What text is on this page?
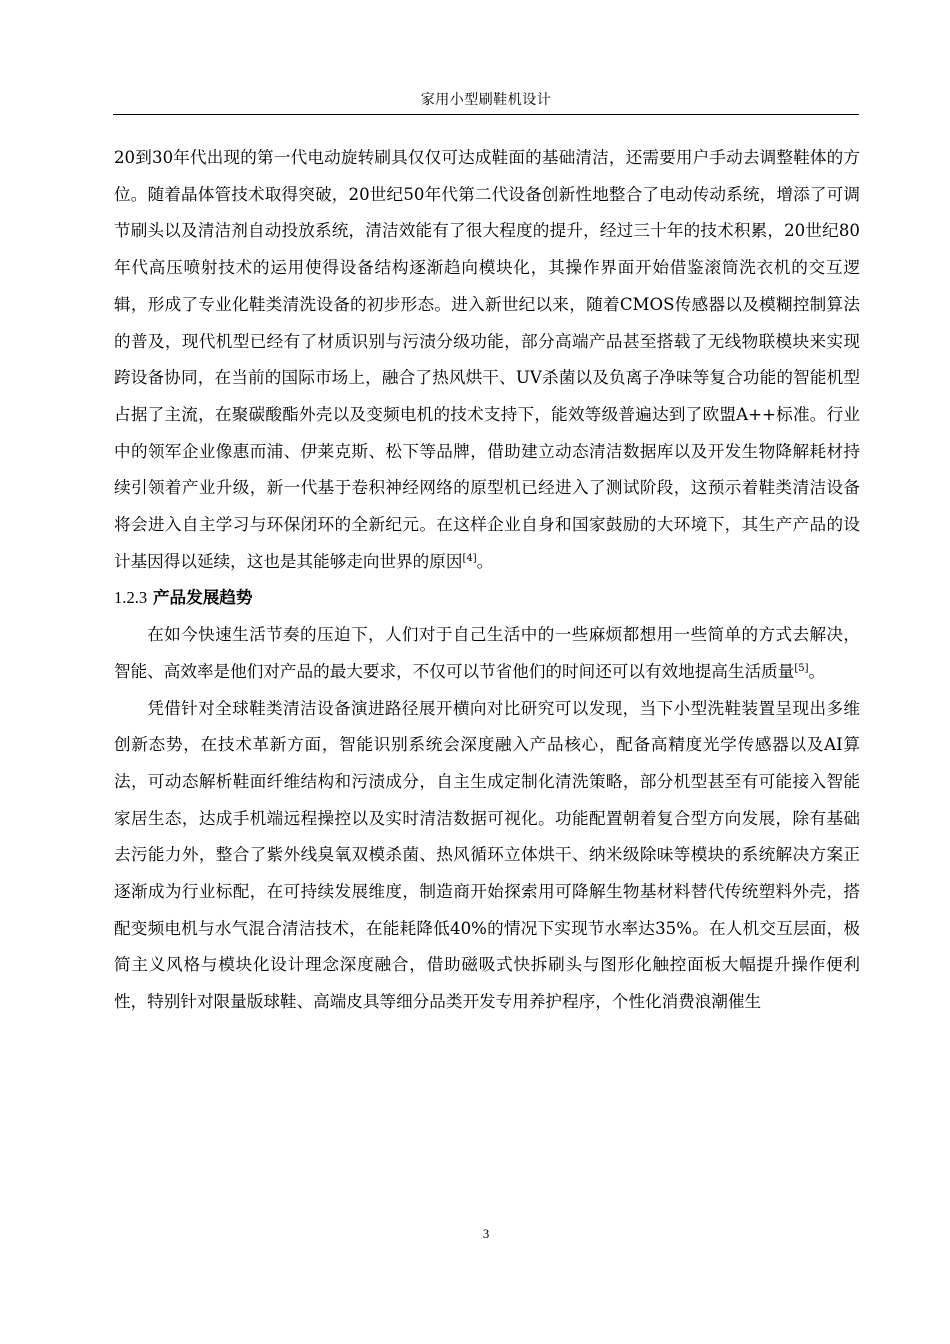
家用小型刷鞋机设计

20到30年代出现的第一代电动旋转刷具仅仅可达成鞋面的基础清洁，还需要用户手动去调整鞋体的方位。随着晶体管技术取得突破，20世纪50年代第二代设备创新性地整合了电动传动系统，增添了可调节刷头以及清洁剂自动投放系统，清洁效能有了很大程度的提升，经过三十年的技术积累，20世纪80年代高压喷射技术的运用使得设备结构逐渐趋向模块化，其操作界面开始借鉴滚筒洗衣机的交互逻辑，形成了专业化鞋类清洗设备的初步形态。进入新世纪以来，随着CMOS传感器以及模糊控制算法的普及，现代机型已经有了材质识别与污渍分级功能，部分高端产品甚至搭载了无线物联模块来实现跨设备协同，在当前的国际市场上，融合了热风烘干、UV杀菌以及负离子净味等复合功能的智能机型占据了主流，在聚碳酸酯外壳以及变频电机的技术支持下，能效等级普遍达到了欧盟A++标准。行业中的领军企业像惠而浦、伊莱克斯、松下等品牌，借助建立动态清洁数据库以及开发生物降解耗材持续引领着产业升级，新一代基于卷积神经网络的原型机已经进入了测试阶段，这预示着鞋类清洁设备将会进入自主学习与环保闭环的全新纪元。在这样企业自身和国家鼓励的大环境下，其生产产品的设计基因得以延续，这也是其能够走向世界的原因[4]。

1.2.3 产品发展趋势

在如今快速生活节奏的压迫下，人们对于自己生活中的一些麻烦都想用一些简单的方式去解决，智能、高效率是他们对产品的最大要求，不仅可以节省他们的时间还可以有效地提高生活质量[5]。

凭借针对全球鞋类清洁设备演进路径展开横向对比研究可以发现，当下小型洗鞋装置呈现出多维创新态势，在技术革新方面，智能识别系统会深度融入产品核心，配备高精度光学传感器以及AI算法，可动态解析鞋面纤维结构和污渍成分，自主生成定制化清洗策略，部分机型甚至有可能接入智能家居生态，达成手机端远程操控以及实时清洁数据可视化。功能配置朝着复合型方向发展，除有基础去污能力外，整合了紫外线臭氧双模杀菌、热风循环立体烘干、纳米级除味等模块的系统解决方案正逐渐成为行业标配，在可持续发展维度，制造商开始探索用可降解生物基材料替代传统塑料外壳，搭配变频电机与水气混合清洁技术，在能耗降低40%的情况下实现节水率达35%。在人机交互层面，极简主义风格与模块化设计理念深度融合，借助磁吸式快拆刷头与图形化触控面板大幅提升操作便利性，特别针对限量版球鞋、高端皮具等细分品类开发专用养护程序，个性化消费浪潮催生

3
